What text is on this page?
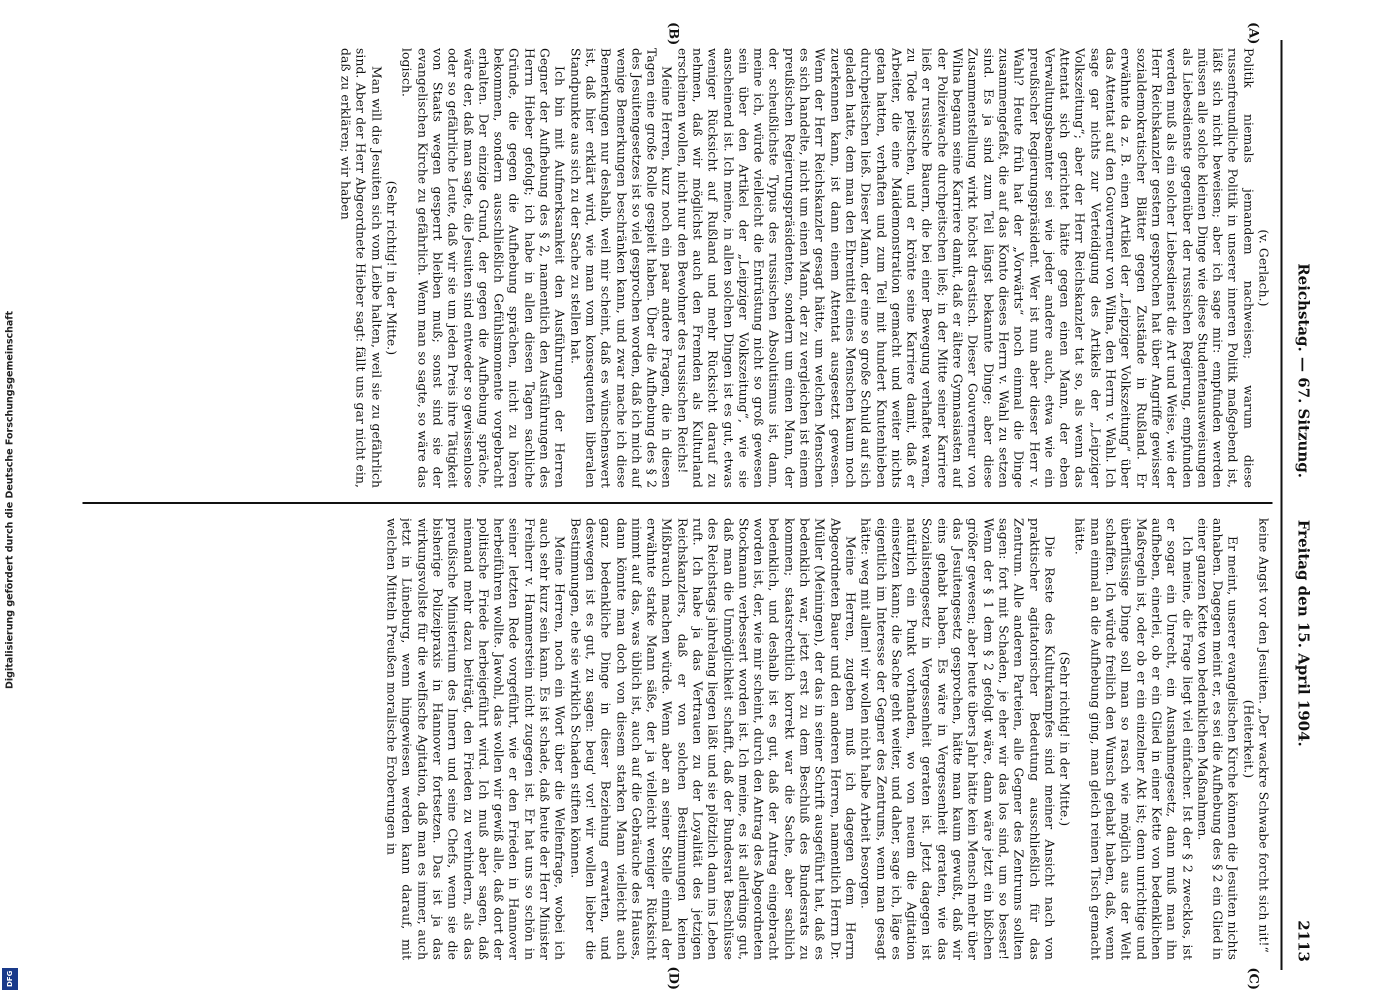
Digitalisierung gefördert durch die Deutsche Forschungsgemeinschaft
DFG
Reichstag. — 67. Sitzung.        Freitag den 15. April 1904.
2113
(A)
(B)
(C)
(D)

(v. Gerlach.)

Politik niemals jemandem nachweisen; warum diese russenfreundliche Politik in unserer inneren Politik maßgebend ist, läßt sich nicht beweisen; aber ich sage mir: empfunden werden müssen alle solche kleinen Dinge wie diese Studentenausweisungen als Liebesdienste gegenüber der russischen Regierung, empfunden werden muß als ein solcher Liebesdienst die Art und Weise, wie der Herr Reichskanzler gestern gesprochen hat über Angriffe gewisser sozialdemokratischer Blätter gegen Zustände in Rußland. Er erwähnte da z. B. einen Artikel der „Leipziger Volkszeitung“ über das Attentat auf den Gouverneur von Wilna, den Herrn v. Wahl. Ich sage gar nichts zur Verteidigung des Artikels der „Leipziger Volkszeitung“; aber der Herr Reichskanzler tat so, als wenn das Attentat sich gerichtet hätte gegen einen Mann, der eben Verwaltungsbeamter sei wie jeder andere auch, etwa wie ein preußischer Regierungspräsident. Wer ist nun aber dieser Herr v. Wahl? Heute früh hat der „Vorwärts“ noch einmal die Dinge zusammengefaßt, die auf das Konto dieses Herrn v. Wahl zu setzen sind. Es ja sind zum Teil längst bekannte Dinge; aber diese Zusammenstellung wirkt höchst drastisch. Dieser Gouverneur von Wilna begann seine Karriere damit, daß er ältere Gymnasiasten auf der Polizeiwache durchpeitschen ließ; in der Mitte seiner Karriere ließ er russische Bauern, die bei einer Bewegung verhaftet waren, zu Tode peitschen, und er krönte seine Karriere damit, daß er Arbeiter, die eine Maidemonstration gemacht und weiter nichts getan hatten, verhaften und zum Teil mit hundert Knutenhieben durchpeitschen ließ. Dieser Mann, der eine so große Schuld auf sich geladen hatte, dem man den Ehrentitel eines Menschen kaum noch zuerkennen kann, ist dann einem Attentat ausgesetzt gewesen. Wenn der Herr Reichskanzler gesagt hätte, um welchen Menschen es sich handelte, nicht um einen Mann, der zu vergleichen ist einem preußischen Regierungspräsidenten, sondern um einen Mann, der der scheußlichste Typus des russischen Absolutismus ist, dann, meine ich, würde vielleicht die Entrüstung nicht so groß gewesen sein über den Artikel der „Leipziger Volkszeitung“, wie sie anscheinend ist. Ich meine, in allen solchen Dingen ist es gut, etwas weniger Rücksicht auf Rußland und mehr Rücksicht darauf zu nehmen, daß wir möglichst auch den Fremden als Kulturland erscheinen wollen, nicht nur den Bewohner des russischen Reichs!

Meine Herren, kurz noch ein paar andere Fragen, die in diesen Tagen eine große Rolle gespielt haben. Über die Aufhebung des § 2 des Jesuitengesetzes ist so viel gesprochen worden, daß ich mich auf wenige Bemerkungen beschränken kann, und zwar mache ich diese Bemerkungen nur deshalb, weil mir scheint, daß es wünschenswert ist, daß hier erklärt wird, wie man vom konsequenten liberalen Standpunkte aus sich zu der Sache zu stellen hat.

Ich bin mit Aufmerksamkeit den Ausführungen der Herren Gegner der Aufhebung des § 2, namentlich den Ausführungen des Herrn Hieber gefolgt; ich habe in allen diesen Tagen sachliche Gründe, die gegen die Aufhebung sprächen, nicht zu hören bekommen, sondern ausschließlich Gefühlsmomente vorgebracht erhalten. Der einzige Grund, der gegen die Aufhebung spräche, wäre der, daß man sagte, die Jesuiten sind entweder so gewissenlose oder so gefährliche Leute, daß wir sie um jeden Preis ihre Tätigkeit von Staats wegen gesperrt bleiben muß; sonst sind sie der evangelischen Kirche zu gefährlich. Wenn man so sagte, so wäre das logisch.

(Sehr richtig! in der Mitte.)

Man will die Jesuiten sich vom Leibe halten, weil sie zu gefährlich sind. Aber der Herr Abgeordnete Hieber sagt: fällt uns gar nicht ein, daß zu erklären; wir haben

keine Angst vor den Jesuiten. „Der wackre Schwabe forcht sich nit!“

(Heiterkeit.)

Er meint, unserer evangelischen Kirche können die Jesuiten nichts anhaben. Dagegen meint er, es sei die Aufhebung des § 2 ein Glied in einer ganzen Kette von bedenklichen Maßnahmen.

Ich meine, die Frage liegt viel einfacher. Ist der § 2 zwecklos, ist er sogar ein Unrecht, ein Ausnahmegesetz, dann muß man ihn aufheben, einerlei, ob er ein Glied in einer Kette von bedenklichen Maßregeln ist, oder ob er ein einzelner Akt ist; denn unrichtige und überflüssige Dinge soll man so rasch wie möglich aus der Welt schaffen. Ich würde freilich den Wunsch gehabt haben, daß, wenn man einmal an die Aufhebung ging, man gleich reinen Tisch gemacht hätte.

(Sehr richtig! in der Mitte.)

Die Reste des Kulturkampfes sind meiner Ansicht nach von praktischer agitatorischer Bedeutung ausschließlich für das Zentrum. Alle anderen Parteien, alle Gegner des Zentrums sollten sagen: fort mit Schaden, je eher wir das los sind, um so besser! Wenn der § 1 dem § 2 gefolgt wäre, dann wäre jetzt ein bißchen größer gewesen; aber heute übers Jahr hätte kein Mensch mehr über das Jesuitengesetz gesprochen, hätte man kaum gewußt, daß wir eins gehabt haben. Es wäre in Vergessenheit geraten, wie das Sozialistengesetz in Vergessenheit geraten ist. Jetzt dagegen ist natürlich ein Punkt vorhanden, wo von neuem die Agitation einsetzen kann; die Sache geht weiter, und daher, sage ich, läge es eigentlich im Interesse der Gegner des Zentrums, wenn man gesagt hätte: weg mit allem! wir wollen nicht halbe Arbeit besorgen.

Meine Herren, zugeben muß ich dagegen dem Herrn Abgeordneten Bauer und den anderen Herren, namentlich Herrn Dr. Müller (Meiningen), der das in seiner Schrift ausgeführt hat, daß es bedenklich war, jetzt erst zu dem Beschluß des Bundesrats zu kommen; staatsrechtlich korrekt war die Sache, aber sachlich bedenklich, und deshalb ist es gut, daß der Antrag eingebracht worden ist, der, wie mir scheint, durch den Antrag des Abgeordneten Stockmann verbessert worden ist. Ich meine, es ist allerdings gut, daß man die Unmöglichkeit schafft, daß der Bundesrat Beschlüsse des Reichstags jahrelang liegen läßt und sie plötzlich dann ins Leben ruft. Ich habe ja das Vertrauen zu der Loyalität des jetzigen Reichskanzlers, daß er von solchen Bestimmungen keinen Mißbrauch machen würde. Wenn aber an seiner Stelle einmal der erwähnte starke Mann säße, der ja vielleicht weniger Rücksicht nimmt auf das, was üblich ist, auch auf die Gebräuche des Hauses, dann könnte man doch von diesem starken Mann vielleicht auch ganz bedenkliche Dinge in dieser Beziehung erwarten, und deswegen ist es gut, zu sagen: beug' vor! wir wollen lieber die Bestimmungen, ehe sie wirklich Schaden stiften können.

Meine Herren, noch ein Wort über die Welfenfrage, wobei ich auch sehr kurz sein kann. Es ist schade, daß heute der Herr Minister Freiherr v. Hammerstein nicht zugegen ist. Er hat uns so schön in seiner letzten Rede vorgeführt, wie er den Frieden in Hannover herbeiführen wollte. Jawohl, das wollen wir gewiß alle, daß dort der politische Friede herbeigeführt wird. Ich muß aber sagen, daß niemand mehr dazu beiträgt, den Frieden zu verhindern, als das preußische Ministerium des Innern und seine Chefs, wenn sie die bisherige Polizeipraxis in Hannover fortsetzen. Das ist ja das wirkungsvollste für die welfische Agitation, daß man es immer, auch jetzt in Lüneburg, wenn hingewiesen werden kann darauf, mit welchen Mitteln Preußen moralische Eroberungen in
